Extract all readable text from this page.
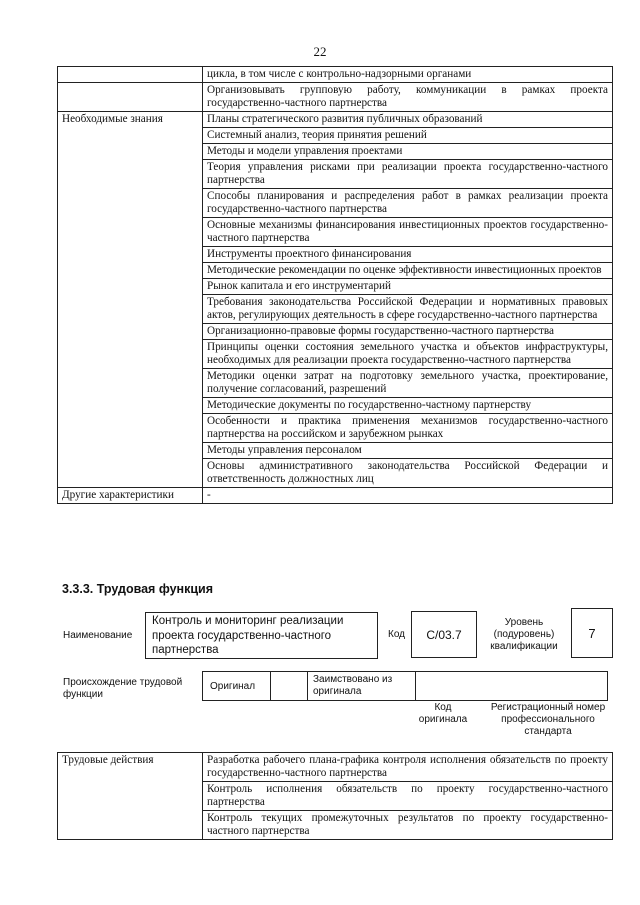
22
	цикла, в том числе с контрольно-надзорными органами
	Организовывать групповую работу, коммуникации в рамках проекта государственно-частного партнерства
Необходимые знания	Планы стратегического развития публичных образований
	Системный анализ, теория принятия решений
	Методы и модели управления проектами
	Теория управления рисками при реализации проекта государственно-частного партнерства
	Способы планирования и распределения работ в рамках реализации проекта государственно-частного партнерства
	Основные механизмы финансирования инвестиционных проектов государственно-частного партнерства
	Инструменты проектного финансирования
	Методические рекомендации по оценке эффективности инвестиционных проектов
	Рынок капитала и его инструментарий
	Требования законодательства Российской Федерации и нормативных правовых актов, регулирующих деятельность в сфере государственно-частного партнерства
	Организационно-правовые формы государственно-частного партнерства
	Принципы оценки состояния земельного участка и объектов инфраструктуры, необходимых для реализации проекта государственно-частного партнерства
	Методики оценки затрат на подготовку земельного участка, проектирование, получение согласований, разрешений
	Методические документы по государственно-частному партнерству
	Особенности и практика применения механизмов государственно-частного партнерства на российском и зарубежном рынках
	Методы управления персоналом
	Основы административного законодательства Российской Федерации и ответственность должностных лиц
Другие характеристики	-
3.3.3. Трудовая функция
Наименование
Контроль и мониторинг реализации проекта государственно-частного партнерства
Код	С/03.7
Уровень (подуровень) квалификации
7
Происхождение трудовой функции
Оригинал
Заимствовано из оригинала
Код оригинала
Регистрационный номер профессионального стандарта
Трудовые действия	Разработка рабочего плана-графика контроля исполнения обязательств по проекту государственно-частного партнерства
Контроль исполнения обязательств по проекту государственно-частного партнерства
Контроль текущих промежуточных результатов по проекту государственно-частного партнерства
